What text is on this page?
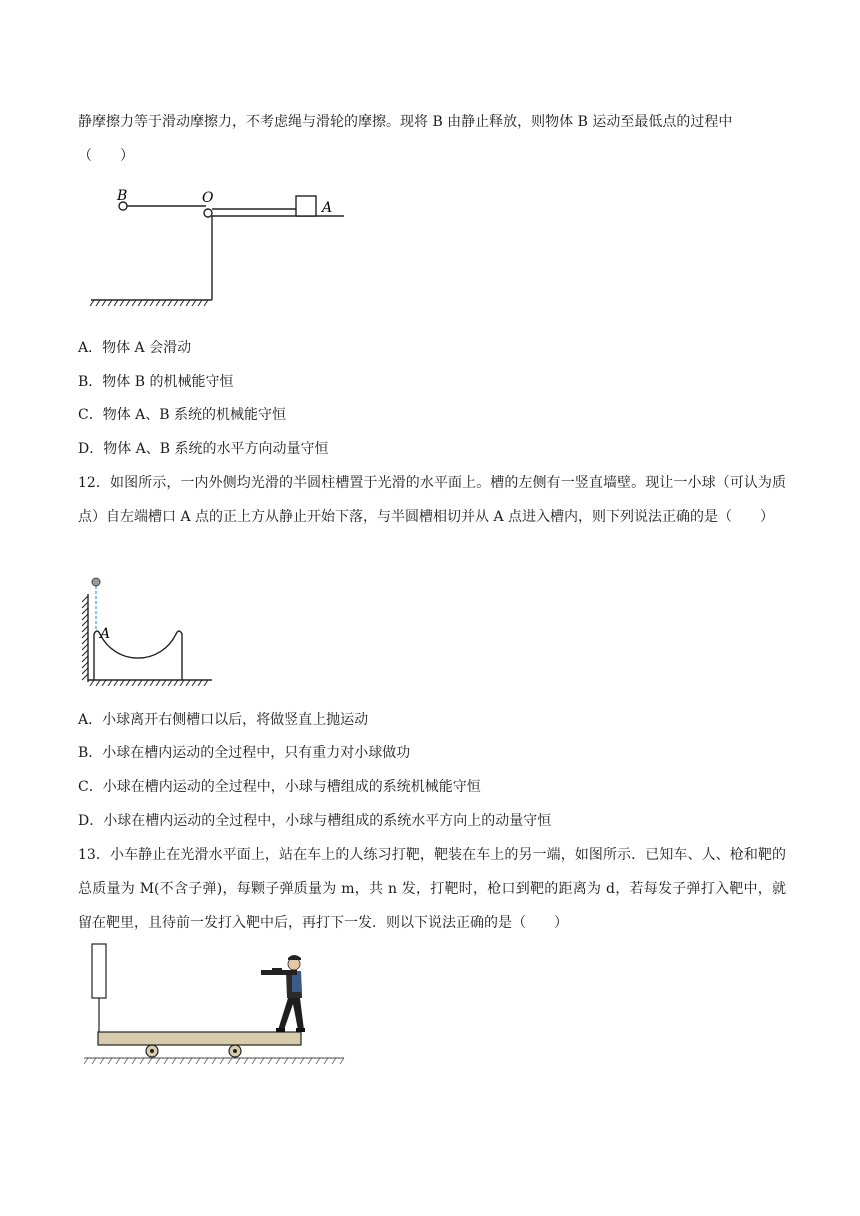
静摩擦力等于滑动摩擦力，不考虑绳与滑轮的摩擦。现将 B 由静止释放，则物体 B 运动至最低点的过程中
（　　）
B	O
A
A．物体 A 会滑动
B．物体 B 的机械能守恒
C．物体 A、B 系统的机械能守恒
D．物体 A、B 系统的水平方向动量守恒
12．如图所示，一内外侧均光滑的半圆柱槽置于光滑的水平面上。槽的左侧有一竖直墙壁。现让一小球（可认为质点）自左端槽口 A 点的正上方从静止开始下落，与半圆槽相切并从 A 点进入槽内，则下列说法正确的是（　　）
A
A．小球离开右侧槽口以后，将做竖直上抛运动
B．小球在槽内运动的全过程中，只有重力对小球做功
C．小球在槽内运动的全过程中，小球与槽组成的系统机械能守恒
D．小球在槽内运动的全过程中，小球与槽组成的系统水平方向上的动量守恒
13．小车静止在光滑水平面上，站在车上的人练习打靶，靶装在车上的另一端，如图所示．已知车、人、枪和靶的总质量为 M(不含子弹)，每颗子弹质量为 m，共 n 发，打靶时，枪口到靶的距离为 d，若每发子弹打入靶中，就留在靶里，且待前一发打入靶中后，再打下一发．则以下说法正确的是（　　）
